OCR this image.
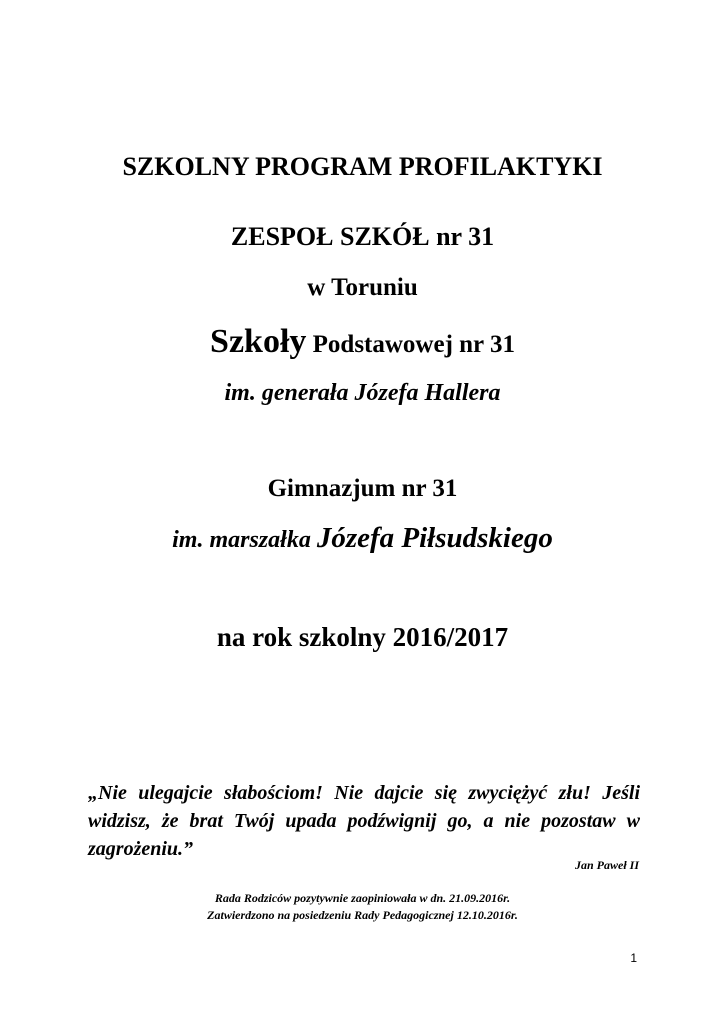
SZKOLNY PROGRAM PROFILAKTYKI
ZESPOŁ SZKÓŁ nr 31
w Toruniu
Szkoły Podstawowej nr 31
im. generała Józefa Hallera
Gimnazjum nr 31
im. marszałka Józefa Piłsudskiego
na rok szkolny 2016/2017
„Nie ulegajcie słabościom! Nie dajcie się zwyciężyć złu! Jeśli widzisz, że brat Twój upada podźwignij go, a nie pozostaw w zagrożeniu.”
Jan Paweł II
Rada Rodziców pozytywnie zaopiniowała w dn. 21.09.2016r.
Zatwierdzono na posiedzeniu Rady Pedagogicznej 12.10.2016r.
1
